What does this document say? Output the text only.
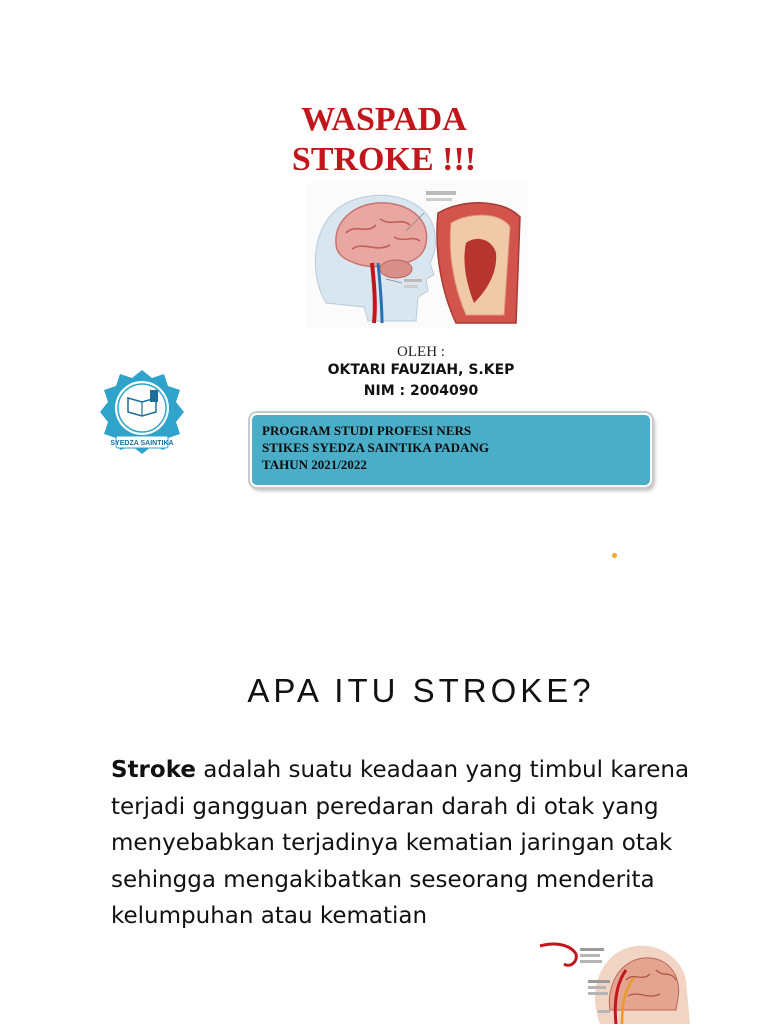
WASPADA
STROKE !!!
OLEH :
OKTARI FAUZIAH, S.KEP
NIM : 2004090
SYEDZA SAINTIKA
PROGRAM STUDI PROFESI NERS
STIKES SYEDZA SAINTIKA PADANG
TAHUN 2021/2022
APA ITU STROKE?

Stroke adalah suatu keadaan yang timbul karena
terjadi gangguan peredaran darah di otak yang
menyebabkan terjadinya kematian jaringan otak
sehingga mengakibatkan seseorang menderita
kelumpuhan atau kematian
